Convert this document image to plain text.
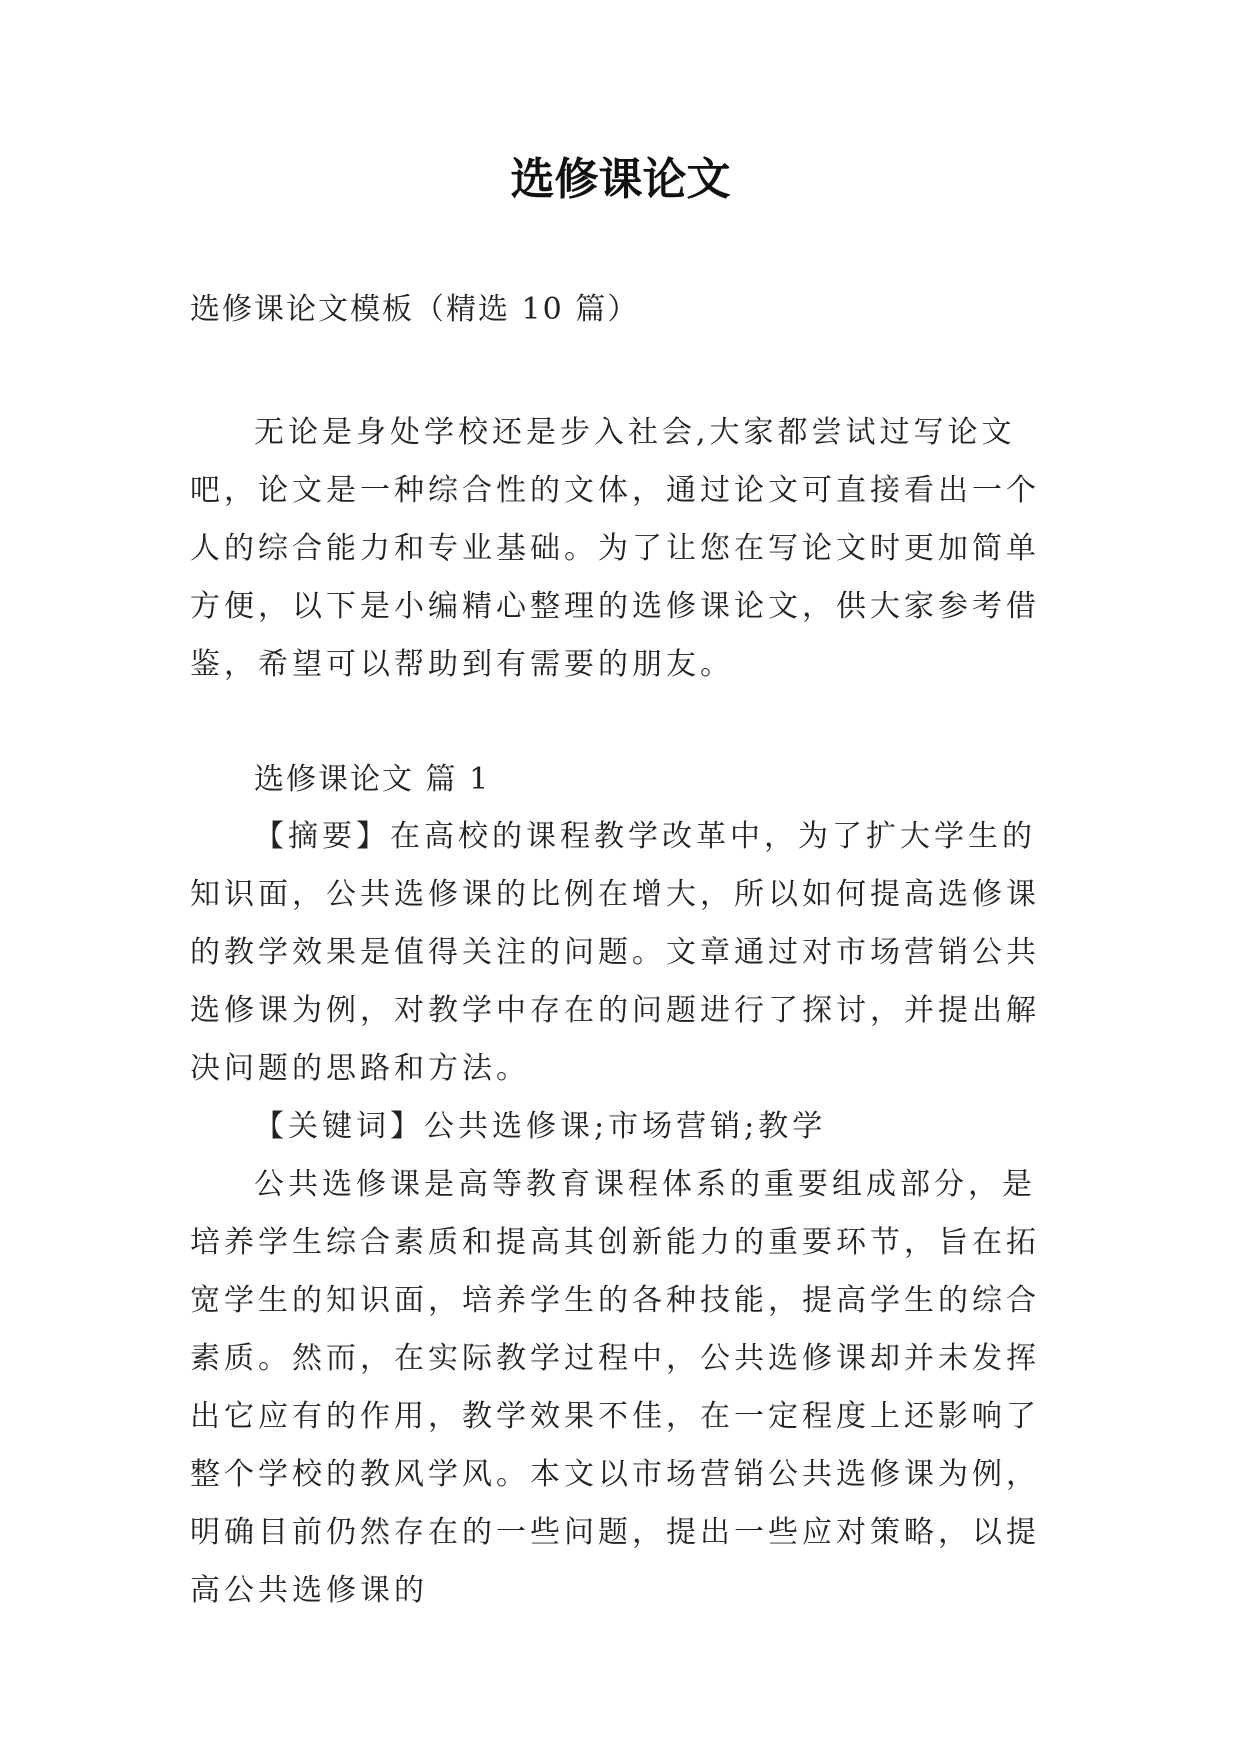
选修课论文
选修课论文模板（精选 10 篇）

无论是身处学校还是步入社会,大家都尝试过写论文吧，论文是一种综合性的文体，通过论文可直接看出一个人的综合能力和专业基础。为了让您在写论文时更加简单方便，以下是小编精心整理的选修课论文，供大家参考借鉴，希望可以帮助到有需要的朋友。

选修课论文 篇 1

【摘要】在高校的课程教学改革中，为了扩大学生的知识面，公共选修课的比例在增大，所以如何提高选修课的教学效果是值得关注的问题。文章通过对市场营销公共选修课为例，对教学中存在的问题进行了探讨，并提出解决问题的思路和方法。

【关键词】公共选修课;市场营销;教学

公共选修课是高等教育课程体系的重要组成部分，是培养学生综合素质和提高其创新能力的重要环节，旨在拓宽学生的知识面，培养学生的各种技能，提高学生的综合素质。然而，在实际教学过程中，公共选修课却并未发挥出它应有的作用，教学效果不佳，在一定程度上还影响了整个学校的教风学风。本文以市场营销公共选修课为例，明确目前仍然存在的一些问题，提出一些应对策略，以提高公共选修课的
